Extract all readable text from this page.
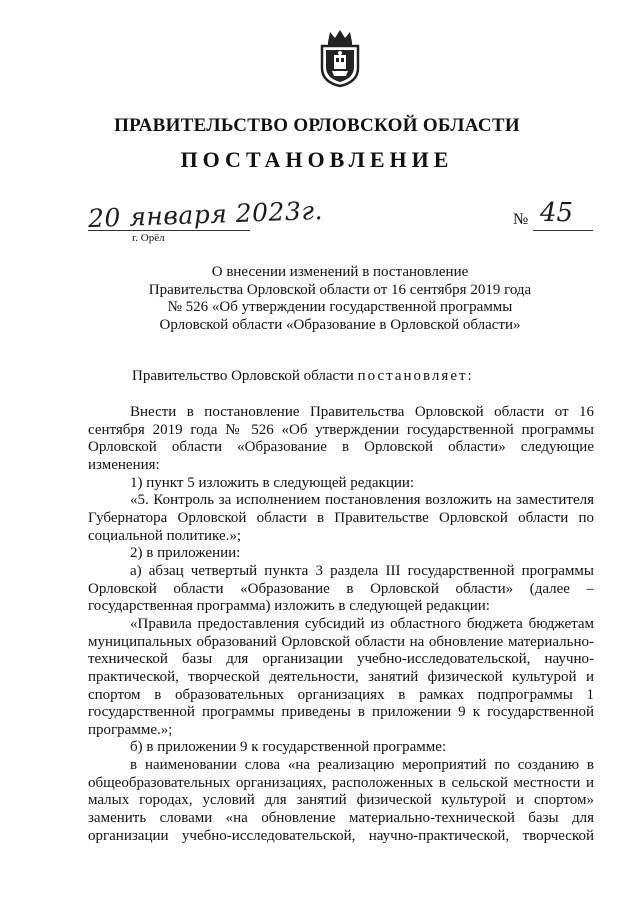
ПРАВИТЕЛЬСТВО ОРЛОВСКОЙ ОБЛАСТИ
ПОСТАНОВЛЕНИЕ
20 января 2023г.
г. Орёл
№ 45
О внесении изменений в постановление
Правительства Орловской области от 16 сентября 2019 года
№ 526 «Об утверждении государственной программы
Орловской области «Образование в Орловской области»
Правительство Орловской области постановляет:

Внести в постановление Правительства Орловской области от 16 сентября 2019 года № 526 «Об утверждении государственной программы Орловской области «Образование в Орловской области» следующие изменения:

1) пункт 5 изложить в следующей редакции:

«5. Контроль за исполнением постановления возложить на заместителя Губернатора Орловской области в Правительстве Орловской области по социальной политике.»;

2) в приложении:

а) абзац четвертый пункта 3 раздела III государственной программы Орловской области «Образование в Орловской области» (далее – государственная программа) изложить в следующей редакции:

«Правила предоставления субсидий из областного бюджета бюджетам муниципальных образований Орловской области на обновление материально-технической базы для организации учебно-исследовательской, научно-практической, творческой деятельности, занятий физической культурой и спортом в образовательных организациях в рамках подпрограммы 1 государственной программы приведены в приложении 9 к государственной программе.»;

б) в приложении 9 к государственной программе:

в наименовании слова «на реализацию мероприятий по созданию в общеобразовательных организациях, расположенных в сельской местности и малых городах, условий для занятий физической культурой и спортом» заменить словами «на обновление материально-технической базы для организации учебно-исследовательской, научно-практической, творческой
